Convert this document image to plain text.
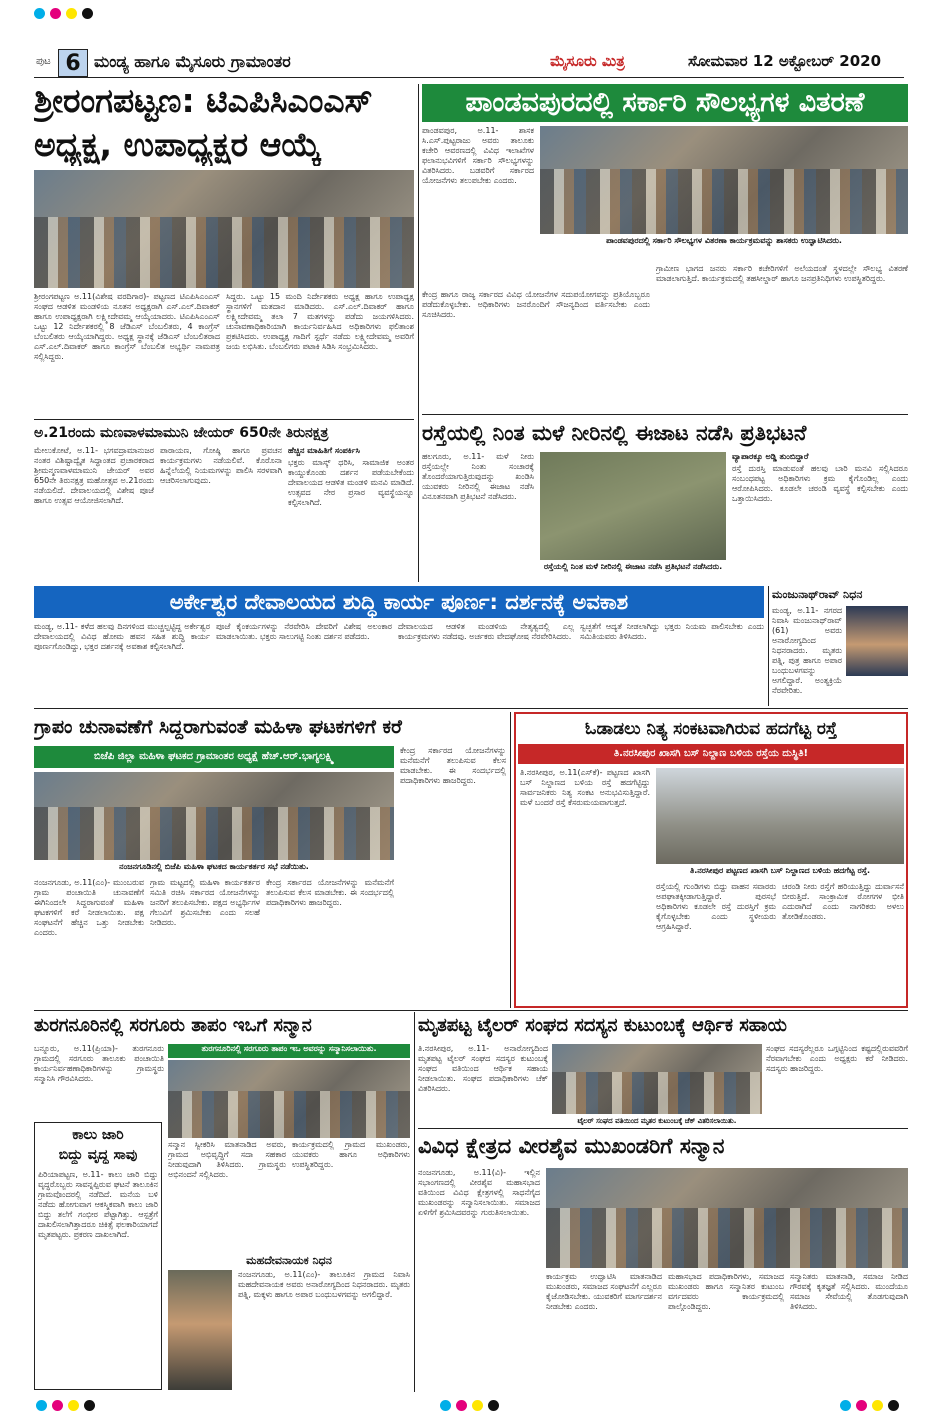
ಪುಟ 6 ಮಂಡ್ಯ ಹಾಗೂ ಮೈಸೂರು ಗ್ರಾಮಾಂತರ	ಮೈಸೂರು ಮಿತ್ರ	ಸೋಮವಾರ 12 ಅಕ್ಟೋಬರ್ 2020
ಶ್ರೀರಂಗಪಟ್ಟಣ: ಟಿಎಪಿಸಿಎಂಎಸ್
ಅಧ್ಯಕ್ಷ, ಉಪಾಧ್ಯಕ್ಷರ ಆಯ್ಕೆ
ಶ್ರೀರಂಗಪಟ್ಟಣ ಅ.11(ವಿಶೇಷ ವರದಿಗಾರ)- ಪಟ್ಟಣದ ಟಿಎಪಿಸಿಎಂಎಸ್ ಸಂಘದ ಆಡಳಿತ ಮಂಡಳಿಯ ನೂತನ ಅಧ್ಯಕ್ಷರಾಗಿ ಎಸ್.ಎಲ್.ದಿವಾಕರ್ ಹಾಗೂ ಉಪಾಧ್ಯಕ್ಷರಾಗಿ ಲಕ್ಷ್ಮೀದೇವಮ್ಮ ಆಯ್ಕೆಯಾದರು. ಟಿಎಪಿಸಿಎಂಎಸ್ ಒಟ್ಟು 12 ನಿರ್ದೇಶಕರಲ್ಲಿ 8 ಜೆಡಿಎಸ್ ಬೆಂಬಲಿತರು, 4 ಕಾಂಗ್ರೆಸ್ ಬೆಂಬಲಿತರು ಆಯ್ಕೆಯಾಗಿದ್ದರು. ಅಧ್ಯಕ್ಷ ಸ್ಥಾನಕ್ಕೆ ಜೆಡಿಎಸ್ ಬೆಂಬಲಿತರಾದ ಎಸ್.ಎಲ್.ದಿವಾಕರ್ ಹಾಗೂ ಕಾಂಗ್ರೆಸ್ ಬೆಂಬಲಿತ ಅಭ್ಯರ್ಥಿ ನಾಮಪತ್ರ ಸಲ್ಲಿಸಿದ್ದರು.
ಸಿದ್ದರು. ಒಟ್ಟು 15 ಮಂದಿ ನಿರ್ದೇಶಕರು ಅಧ್ಯಕ್ಷ ಹಾಗೂ ಉಪಾಧ್ಯಕ್ಷ ಸ್ಥಾನಗಳಿಗೆ ಮತದಾನ ಮಾಡಿದರು. ಎಸ್.ಎಲ್.ದಿವಾಕರ್ ಹಾಗೂ ಲಕ್ಷ್ಮೀದೇವಮ್ಮ ತಲಾ 7 ಮತಗಳನ್ನು ಪಡೆದು ಜಯಗಳಿಸಿದರು. ಚುನಾವಣಾಧಿಕಾರಿಯಾಗಿ ಕಾರ್ಯನಿರ್ವಹಿಸಿದ ಅಧಿಕಾರಿಗಳು ಫಲಿತಾಂಶ ಪ್ರಕಟಿಸಿದರು. ಉಪಾಧ್ಯಕ್ಷ ಗಾದಿಗೆ ಸ್ಪರ್ಧೆ ನಡೆದು ಲಕ್ಷ್ಮೀದೇವಮ್ಮ ಅವರಿಗೆ ಜಯ ಲಭಿಸಿತು. ಬೆಂಬಲಿಗರು ಪಟಾಕಿ ಸಿಡಿಸಿ ಸಂಭ್ರಮಿಸಿದರು.
ಅ.21ರಂದು ಮಣವಾಳಮಾಮುನಿ ಜೇಯರ್ 650ನೇ ತಿರುನಕ್ಷತ್ರ
ಮೇಲುಕೋಟೆ, ಅ.11- ಭಗವದ್ರಾಮಾನುಜರ ನಂತರ ವಿಶಿಷ್ಟಾದ್ವೈತ ಸಿದ್ಧಾಂತದ ಪ್ರಚಾರಕರಾದ ಶ್ರೀಮನ್ಮಣವಾಳಮಾಮುನಿ ಜೇಯರ್ ಅವರ 650ನೇ ತಿರುನಕ್ಷತ್ರ ಮಹೋತ್ಸವ ಅ.21ರಂದು ನಡೆಯಲಿದೆ. ದೇವಾಲಯದಲ್ಲಿ ವಿಶೇಷ ಪೂಜೆ ಹಾಗೂ ಉತ್ಸವ ಆಯೋಜಿಸಲಾಗಿದೆ.
ಪಾರಾಯಣ, ಗೋಷ್ಠಿ ಹಾಗೂ ಪ್ರವಚನ ಕಾರ್ಯಕ್ರಮಗಳು ನಡೆಯಲಿವೆ. ಕೊರೊನಾ ಹಿನ್ನೆಲೆಯಲ್ಲಿ ನಿಯಮಗಳನ್ನು ಪಾಲಿಸಿ ಸರಳವಾಗಿ ಆಚರಿಸಲಾಗುವುದು.
ಹೆಚ್ಚಿನ ಮಾಹಿತಿಗೆ ಸಂಪರ್ಕಿಸಿ
ಭಕ್ತರು ಮಾಸ್ಕ್ ಧರಿಸಿ, ಸಾಮಾಜಿಕ ಅಂತರ ಕಾಯ್ದುಕೊಂಡು ದರ್ಶನ ಪಡೆಯಬೇಕೆಂದು ದೇವಾಲಯದ ಆಡಳಿತ ಮಂಡಳಿ ಮನವಿ ಮಾಡಿದೆ. ಉತ್ಸವದ ನೇರ ಪ್ರಸಾರ ವ್ಯವಸ್ಥೆಯನ್ನೂ ಕಲ್ಪಿಸಲಾಗಿದೆ.
ಪಾಂಡವಪುರದಲ್ಲಿ ಸರ್ಕಾರಿ ಸೌಲಭ್ಯಗಳ ವಿತರಣೆ
ಪಾಂಡವಪುರ, ಅ.11- ಶಾಸಕ ಸಿ.ಎಸ್.ಪುಟ್ಟರಾಜು ಅವರು ತಾಲೂಕು ಕಚೇರಿ ಆವರಣದಲ್ಲಿ ವಿವಿಧ ಇಲಾಖೆಗಳ ಫಲಾನುಭವಿಗಳಿಗೆ ಸರ್ಕಾರಿ ಸೌಲಭ್ಯಗಳನ್ನು ವಿತರಿಸಿದರು. ಬಡವರಿಗೆ ಸರ್ಕಾರದ ಯೋಜನೆಗಳು ತಲುಪಬೇಕು ಎಂದರು.
ಪಾಂಡವಪುರದಲ್ಲಿ ಸರ್ಕಾರಿ ಸೌಲಭ್ಯಗಳ ವಿತರಣಾ ಕಾರ್ಯಕ್ರಮವನ್ನು ಶಾಸಕರು ಉದ್ಘಾಟಿಸಿದರು.
ಕೇಂದ್ರ ಹಾಗೂ ರಾಜ್ಯ ಸರ್ಕಾರದ ವಿವಿಧ ಯೋಜನೆಗಳ ಸದುಪಯೋಗವನ್ನು ಪ್ರತಿಯೊಬ್ಬರೂ ಪಡೆದುಕೊಳ್ಳಬೇಕು. ಅಧಿಕಾರಿಗಳು ಜನರೊಂದಿಗೆ ಸೌಜನ್ಯದಿಂದ ವರ್ತಿಸಬೇಕು ಎಂದು ಸೂಚಿಸಿದರು.
ಗ್ರಾಮೀಣ ಭಾಗದ ಜನರು ಸರ್ಕಾರಿ ಕಚೇರಿಗಳಿಗೆ ಅಲೆಯದಂತೆ ಸ್ಥಳದಲ್ಲೇ ಸೌಲಭ್ಯ ವಿತರಣೆ ಮಾಡಲಾಗುತ್ತಿದೆ. ಕಾರ್ಯಕ್ರಮದಲ್ಲಿ ತಹಸೀಲ್ದಾರ್ ಹಾಗೂ ಜನಪ್ರತಿನಿಧಿಗಳು ಉಪಸ್ಥಿತರಿದ್ದರು.
ರಸ್ತೆಯಲ್ಲಿ ನಿಂತ ಮಳೆ ನೀರಿನಲ್ಲಿ ಈಜಾಟ ನಡೆಸಿ ಪ್ರತಿಭಟನೆ
ಹಲಗೂರು, ಅ.11- ಮಳೆ ನೀರು ರಸ್ತೆಯಲ್ಲೇ ನಿಂತು ಸಂಚಾರಕ್ಕೆ ತೊಂದರೆಯಾಗುತ್ತಿರುವುದನ್ನು ಖಂಡಿಸಿ ಯುವಕರು ನೀರಿನಲ್ಲಿ ಈಜಾಟ ನಡೆಸಿ ವಿನೂತನವಾಗಿ ಪ್ರತಿಭಟನೆ ನಡೆಸಿದರು.
ರಸ್ತೆಯಲ್ಲಿ ನಿಂತ ಮಳೆ ನೀರಿನಲ್ಲಿ ಈಜಾಟ ನಡೆಸಿ ಪ್ರತಿಭಟನೆ ನಡೆಸಿದರು.
ವ್ಯಾಪಾರಕ್ಕೂ ಅಡ್ಡಿ ತುಂಬಿದ್ದಾರೆ
ರಸ್ತೆ ದುರಸ್ತಿ ಮಾಡುವಂತೆ ಹಲವು ಬಾರಿ ಮನವಿ ಸಲ್ಲಿಸಿದರೂ ಸಂಬಂಧಪಟ್ಟ ಅಧಿಕಾರಿಗಳು ಕ್ರಮ ಕೈಗೊಂಡಿಲ್ಲ ಎಂದು ಆರೋಪಿಸಿದರು. ಕೂಡಲೇ ಚರಂಡಿ ವ್ಯವಸ್ಥೆ ಕಲ್ಪಿಸಬೇಕು ಎಂದು ಒತ್ತಾಯಿಸಿದರು.
ಅರ್ಕೇಶ್ವರ ದೇವಾಲಯದ ಶುದ್ಧಿ ಕಾರ್ಯ ಪೂರ್ಣ: ದರ್ಶನಕ್ಕೆ ಅವಕಾಶ
ಮಂಡ್ಯ, ಅ.11- ಕಳೆದ ಹಲವು ದಿನಗಳಿಂದ ಮುಚ್ಚಲ್ಪಟ್ಟಿದ್ದ ಅರ್ಕೇಶ್ವರ ದೇವಾಲಯದಲ್ಲಿ ವಿವಿಧ ಹೋಮ ಹವನ ಸಹಿತ ಶುದ್ಧಿ ಕಾರ್ಯ ಪೂರ್ಣಗೊಂಡಿದ್ದು, ಭಕ್ತರ ದರ್ಶನಕ್ಕೆ ಅವಕಾಶ ಕಲ್ಪಿಸಲಾಗಿದೆ.
ಪೂಜೆ ಕೈಂಕರ್ಯಗಳನ್ನು ನೆರವೇರಿಸಿ ದೇವರಿಗೆ ವಿಶೇಷ ಅಲಂಕಾರ ಮಾಡಲಾಯಿತು. ಭಕ್ತರು ಸಾಲುಗಟ್ಟಿ ನಿಂತು ದರ್ಶನ ಪಡೆದರು.
ದೇವಾಲಯದ ಆಡಳಿತ ಮಂಡಳಿಯ ನೇತೃತ್ವದಲ್ಲಿ ಎಲ್ಲ ಕಾರ್ಯಕ್ರಮಗಳು ನಡೆದವು. ಅರ್ಚಕರು ವೇದಘೋಷ ನೆರವೇರಿಸಿದರು.
ಸ್ವಚ್ಛತೆಗೆ ಆದ್ಯತೆ ನೀಡಲಾಗಿದ್ದು ಭಕ್ತರು ನಿಯಮ ಪಾಲಿಸಬೇಕು ಎಂದು ಸಮಿತಿಯವರು ತಿಳಿಸಿದರು.
ಮಂಜುನಾಥ್‌ರಾವ್ ನಿಧನ
ಮಂಡ್ಯ, ಅ.11- ನಗರದ ನಿವಾಸಿ ಮಂಜುನಾಥ್‌ರಾವ್ (61) ಅವರು ಅನಾರೋಗ್ಯದಿಂದ ನಿಧನರಾದರು. ಮೃತರು ಪತ್ನಿ, ಪುತ್ರ ಹಾಗೂ ಅಪಾರ ಬಂಧುಬಳಗವನ್ನು ಅಗಲಿದ್ದಾರೆ. ಅಂತ್ಯಕ್ರಿಯೆ ನೆರವೇರಿತು.
ಗ್ರಾಪಂ ಚುನಾವಣೆಗೆ ಸಿದ್ದರಾಗುವಂತೆ ಮಹಿಳಾ ಘಟಕಗಳಿಗೆ ಕರೆ
ಬಿಜೆಪಿ ಜಿಲ್ಲಾ ಮಹಿಳಾ ಘಟಕದ ಗ್ರಾಮಾಂತರ ಅಧ್ಯಕ್ಷೆ ಹೆಚ್.ಆರ್.ಭಾಗ್ಯಲಕ್ಷ್ಮಿ
ನಂಜನಗೂಡಿನಲ್ಲಿ ಬಿಜೆಪಿ ಮಹಿಳಾ ಘಟಕದ ಕಾರ್ಯಕರ್ತರ ಸಭೆ ನಡೆಯಿತು.
ನಂಜನಗೂಡು, ಅ.11(ಎಂ)- ಮುಂಬರುವ ಗ್ರಾಮ ಪಂಚಾಯಿತಿ ಚುನಾವಣೆಗೆ ಈಗಿನಿಂದಲೇ ಸಿದ್ದರಾಗುವಂತೆ ಮಹಿಳಾ ಘಟಕಗಳಿಗೆ ಕರೆ ನೀಡಲಾಯಿತು. ಪಕ್ಷ ಸಂಘಟನೆಗೆ ಹೆಚ್ಚಿನ ಒತ್ತು ನೀಡಬೇಕು ಎಂದರು.
ಗ್ರಾಮ ಮಟ್ಟದಲ್ಲಿ ಮಹಿಳಾ ಕಾರ್ಯಕರ್ತರ ಸಮಿತಿ ರಚಿಸಿ ಸರ್ಕಾರದ ಯೋಜನೆಗಳನ್ನು ಜನರಿಗೆ ತಲುಪಿಸಬೇಕು. ಪಕ್ಷದ ಅಭ್ಯರ್ಥಿಗಳ ಗೆಲುವಿಗೆ ಶ್ರಮಿಸಬೇಕು ಎಂದು ಸಲಹೆ ನೀಡಿದರು.
ಕೇಂದ್ರ ಸರ್ಕಾರದ ಯೋಜನೆಗಳನ್ನು ಮನೆಮನೆಗೆ ತಲುಪಿಸುವ ಕೆಲಸ ಮಾಡಬೇಕು. ಈ ಸಂದರ್ಭದಲ್ಲಿ ಪದಾಧಿಕಾರಿಗಳು ಹಾಜರಿದ್ದರು.
ಕೇಂದ್ರ ಸರ್ಕಾರದ ಯೋಜನೆಗಳನ್ನು ಮನೆಮನೆಗೆ ತಲುಪಿಸುವ ಕೆಲಸ ಮಾಡಬೇಕು. ಈ ಸಂದರ್ಭದಲ್ಲಿ ಪದಾಧಿಕಾರಿಗಳು ಹಾಜರಿದ್ದರು.
ಓಡಾಡಲು ನಿತ್ಯ ಸಂಕಟವಾಗಿರುವ ಹದಗೆಟ್ಟ ರಸ್ತೆ
ತಿ.ನರಸೀಪುರ ಖಾಸಗಿ ಬಸ್ ನಿಲ್ದಾಣ ಬಳಿಯ ರಸ್ತೆಯ ದುಸ್ಥಿತಿ!
ತಿ.ನರಸೀಪುರ, ಅ.11(ಎಸ್‌ಕೆ)- ಪಟ್ಟಣದ ಖಾಸಗಿ ಬಸ್ ನಿಲ್ದಾಣದ ಬಳಿಯ ರಸ್ತೆ ಹದಗೆಟ್ಟಿದ್ದು ಸಾರ್ವಜನಿಕರು ನಿತ್ಯ ಸಂಕಟ ಅನುಭವಿಸುತ್ತಿದ್ದಾರೆ. ಮಳೆ ಬಂದರೆ ರಸ್ತೆ ಕೆಸರುಮಯವಾಗುತ್ತದೆ.
ತಿ.ನರಸೀಪುರ ಪಟ್ಟಣದ ಖಾಸಗಿ ಬಸ್ ನಿಲ್ದಾಣದ ಬಳಿಯ ಹದಗೆಟ್ಟ ರಸ್ತೆ.
ರಸ್ತೆಯಲ್ಲಿ ಗುಂಡಿಗಳು ಬಿದ್ದು ವಾಹನ ಸವಾರರು ಅಪಘಾತಕ್ಕೀಡಾಗುತ್ತಿದ್ದಾರೆ. ಪುರಸಭೆ ಅಧಿಕಾರಿಗಳು ಕೂಡಲೇ ರಸ್ತೆ ದುರಸ್ತಿಗೆ ಕ್ರಮ ಕೈಗೊಳ್ಳಬೇಕು ಎಂದು ಸ್ಥಳೀಯರು ಆಗ್ರಹಿಸಿದ್ದಾರೆ.
ಚರಂಡಿ ನೀರು ರಸ್ತೆಗೆ ಹರಿಯುತ್ತಿದ್ದು ದುರ್ವಾಸನೆ ಬೀರುತ್ತಿದೆ. ಸಾಂಕ್ರಾಮಿಕ ರೋಗಗಳ ಭೀತಿ ಎದುರಾಗಿದೆ ಎಂದು ನಾಗರಿಕರು ಅಳಲು ತೋಡಿಕೊಂಡರು.
ತುರಗನೂರಿನಲ್ಲಿ ಸರಗೂರು ತಾಪಂ ಇಒಗೆ ಸನ್ಮಾನ
ಬನ್ನೂರು, ಅ.11(ಪ್ರಿಯಾ)- ತುರಗನೂರು ಗ್ರಾಮದಲ್ಲಿ ಸರಗೂರು ತಾಲೂಕು ಪಂಚಾಯಿತಿ ಕಾರ್ಯನಿರ್ವಹಣಾಧಿಕಾರಿಗಳನ್ನು ಗ್ರಾಮಸ್ಥರು ಸನ್ಮಾನಿಸಿ ಗೌರವಿಸಿದರು.
ತುರಗನೂರಿನಲ್ಲಿ ಸರಗೂರು ತಾಪಂ ಇಒ ಅವರನ್ನು ಸನ್ಮಾನಿಸಲಾಯಿತು.
ಸನ್ಮಾನ ಸ್ವೀಕರಿಸಿ ಮಾತನಾಡಿದ ಅವರು, ಗ್ರಾಮದ ಅಭಿವೃದ್ಧಿಗೆ ಸದಾ ಸಹಕಾರ ನೀಡುವುದಾಗಿ ತಿಳಿಸಿದರು. ಗ್ರಾಮಸ್ಥರು ಅಭಿನಂದನೆ ಸಲ್ಲಿಸಿದರು.
ಕಾರ್ಯಕ್ರಮದಲ್ಲಿ ಗ್ರಾಮದ ಮುಖಂಡರು, ಯುವಕರು ಹಾಗೂ ಅಧಿಕಾರಿಗಳು ಉಪಸ್ಥಿತರಿದ್ದರು.
ಕಾಲು ಜಾರಿ
ಬಿದ್ದು ವೃದ್ಧ ಸಾವು
ಪಿರಿಯಾಪಟ್ಟಣ, ಅ.11- ಕಾಲು ಜಾರಿ ಬಿದ್ದು ವೃದ್ಧರೊಬ್ಬರು ಸಾವನ್ನಪ್ಪಿರುವ ಘಟನೆ ತಾಲೂಕಿನ ಗ್ರಾಮವೊಂದರಲ್ಲಿ ನಡೆದಿದೆ. ಮನೆಯ ಬಳಿ ನಡೆದು ಹೋಗುವಾಗ ಆಕಸ್ಮಿಕವಾಗಿ ಕಾಲು ಜಾರಿ ಬಿದ್ದು ತಲೆಗೆ ಗಂಭೀರ ಪೆಟ್ಟಾಗಿತ್ತು. ಆಸ್ಪತ್ರೆಗೆ ದಾಖಲಿಸಲಾಗಿತ್ತಾದರೂ ಚಿಕಿತ್ಸೆ ಫಲಕಾರಿಯಾಗದೆ ಮೃತಪಟ್ಟರು. ಪ್ರಕರಣ ದಾಖಲಾಗಿದೆ.
ಮಹದೇವನಾಯಕ ನಿಧನ
ನಂಜನಗೂಡು, ಅ.11(ಎಂ)- ತಾಲೂಕಿನ ಗ್ರಾಮದ ನಿವಾಸಿ ಮಹದೇವನಾಯಕ ಅವರು ಅನಾರೋಗ್ಯದಿಂದ ನಿಧನರಾದರು. ಮೃತರು ಪತ್ನಿ, ಮಕ್ಕಳು ಹಾಗೂ ಅಪಾರ ಬಂಧುಬಳಗವನ್ನು ಅಗಲಿದ್ದಾರೆ.
ಮೃತಪಟ್ಟ ಟೈಲರ್ ಸಂಘದ ಸದಸ್ಯನ ಕುಟುಂಬಕ್ಕೆ ಆರ್ಥಿಕ ಸಹಾಯ
ತಿ.ನರಸೀಪುರ, ಅ.11- ಅನಾರೋಗ್ಯದಿಂದ ಮೃತಪಟ್ಟ ಟೈಲರ್ ಸಂಘದ ಸದಸ್ಯರ ಕುಟುಂಬಕ್ಕೆ ಸಂಘದ ವತಿಯಿಂದ ಆರ್ಥಿಕ ಸಹಾಯ ನೀಡಲಾಯಿತು. ಸಂಘದ ಪದಾಧಿಕಾರಿಗಳು ಚೆಕ್ ವಿತರಿಸಿದರು.
ಟೈಲರ್ ಸಂಘದ ವತಿಯಿಂದ ಮೃತರ ಕುಟುಂಬಕ್ಕೆ ಚೆಕ್ ವಿತರಿಸಲಾಯಿತು.
ಸಂಘದ ಸದಸ್ಯರೆಲ್ಲರೂ ಒಗ್ಗಟ್ಟಿನಿಂದ ಕಷ್ಟದಲ್ಲಿರುವವರಿಗೆ ನೆರವಾಗಬೇಕು ಎಂದು ಅಧ್ಯಕ್ಷರು ಕರೆ ನೀಡಿದರು. ಸದಸ್ಯರು ಹಾಜರಿದ್ದರು.
ವಿವಿಧ ಕ್ಷೇತ್ರದ ವೀರಶೈವ ಮುಖಂಡರಿಗೆ ಸನ್ಮಾನ
ನಂಜನಗೂಡು, ಅ.11(ವಿ)- ಇಲ್ಲಿನ ಸಭಾಂಗಣದಲ್ಲಿ ವೀರಶೈವ ಮಹಾಸಭಾದ ವತಿಯಿಂದ ವಿವಿಧ ಕ್ಷೇತ್ರಗಳಲ್ಲಿ ಸಾಧನೆಗೈದ ಮುಖಂಡರನ್ನು ಸನ್ಮಾನಿಸಲಾಯಿತು. ಸಮಾಜದ ಏಳಿಗೆಗೆ ಶ್ರಮಿಸಿದವರನ್ನು ಗುರುತಿಸಲಾಯಿತು.
ಕಾರ್ಯಕ್ರಮ ಉದ್ಘಾಟಿಸಿ ಮಾತನಾಡಿದ ಮುಖಂಡರು, ಸಮಾಜದ ಸಂಘಟನೆಗೆ ಎಲ್ಲರೂ ಕೈಜೋಡಿಸಬೇಕು. ಯುವಕರಿಗೆ ಮಾರ್ಗದರ್ಶನ ನೀಡಬೇಕು ಎಂದರು.
ಮಹಾಸಭಾದ ಪದಾಧಿಕಾರಿಗಳು, ಸಮಾಜದ ಮುಖಂಡರು ಹಾಗೂ ಸನ್ಮಾನಿತರ ಕುಟುಂಬ ವರ್ಗದವರು ಕಾರ್ಯಕ್ರಮದಲ್ಲಿ ಪಾಲ್ಗೊಂಡಿದ್ದರು.
ಸನ್ಮಾನಿತರು ಮಾತನಾಡಿ, ಸಮಾಜ ನೀಡಿದ ಗೌರವಕ್ಕೆ ಕೃತಜ್ಞತೆ ಸಲ್ಲಿಸಿದರು. ಮುಂದೆಯೂ ಸಮಾಜ ಸೇವೆಯಲ್ಲಿ ತೊಡಗುವುದಾಗಿ ತಿಳಿಸಿದರು.
